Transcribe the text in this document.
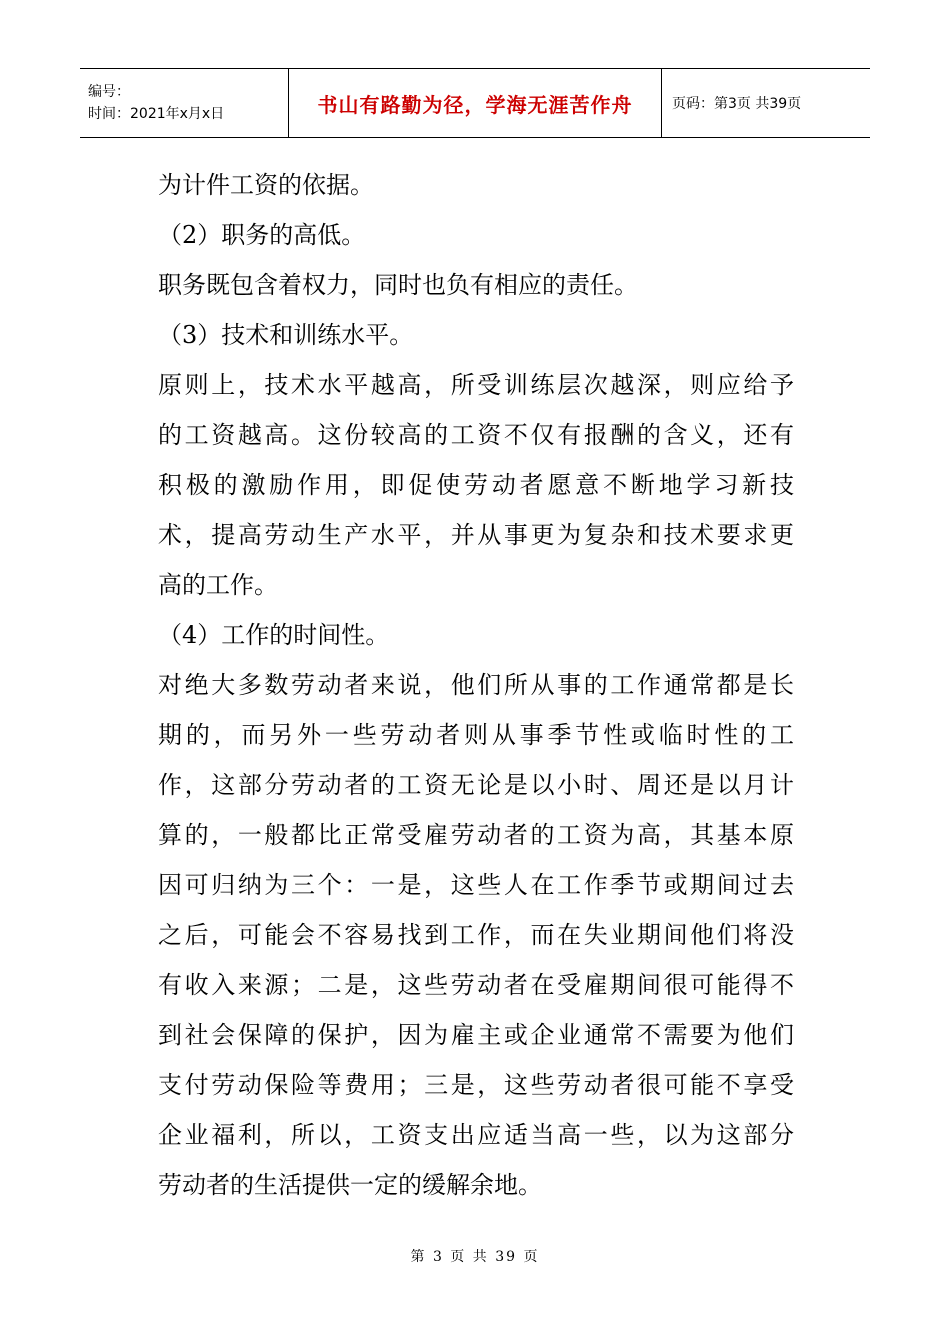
编号：
时间：2021年x月x日	书山有路勤为径，学海无涯苦作舟	页码：第3页 共39页
为计件工资的依据。
（2）职务的高低。
职务既包含着权力，同时也负有相应的责任。
（3）技术和训练水平。
原则上，技术水平越高，所受训练层次越深，则应给予
的工资越高。这份较高的工资不仅有报酬的含义，还有
积极的激励作用，即促使劳动者愿意不断地学习新技
术，提高劳动生产水平，并从事更为复杂和技术要求更
高的工作。
（4）工作的时间性。
对绝大多数劳动者来说，他们所从事的工作通常都是长
期的，而另外一些劳动者则从事季节性或临时性的工
作，这部分劳动者的工资无论是以小时、周还是以月计
算的，一般都比正常受雇劳动者的工资为高，其基本原
因可归纳为三个：一是，这些人在工作季节或期间过去
之后，可能会不容易找到工作，而在失业期间他们将没
有收入来源；二是，这些劳动者在受雇期间很可能得不
到社会保障的保护，因为雇主或企业通常不需要为他们
支付劳动保险等费用；三是，这些劳动者很可能不享受
企业福利，所以，工资支出应适当高一些，以为这部分
劳动者的生活提供一定的缓解余地。
第 3 页 共 39 页
